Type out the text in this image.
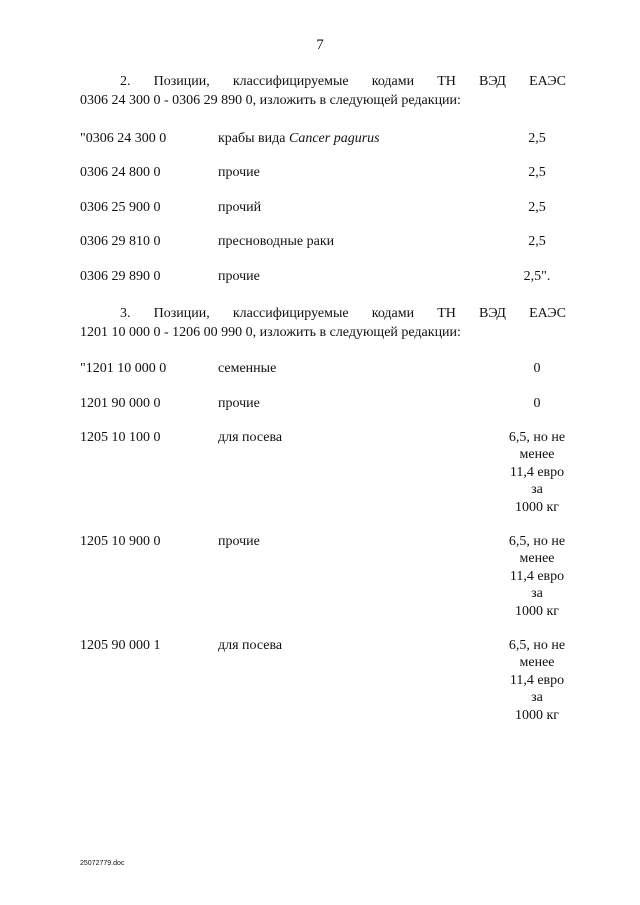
7
2. Позиции, классифицируемые кодами ТН ВЭД ЕАЭС
0306 24 300 0 - 0306 29 890 0, изложить в следующей редакции:
"0306 24 300 0	крабы вида Cancer pagurus	2,5
0306 24 800 0	прочие	2,5
0306 25 900 0	прочий	2,5
0306 29 810 0	пресноводные раки	2,5
0306 29 890 0	прочие	2,5".
3. Позиции, классифицируемые кодами ТН ВЭД ЕАЭС
1201 10 000 0 - 1206 00 990 0, изложить в следующей редакции:
"1201 10 000 0	семенные	0
1201 90 000 0	прочие	0
1205 10 100 0	для посева	6,5, но не
менее
11,4 евро
за
1000 кг
1205 10 900 0	прочие	6,5, но не
менее
11,4 евро
за
1000 кг
1205 90 000 1	для посева	6,5, но не
менее
11,4 евро
за
1000 кг
25072779.doc
